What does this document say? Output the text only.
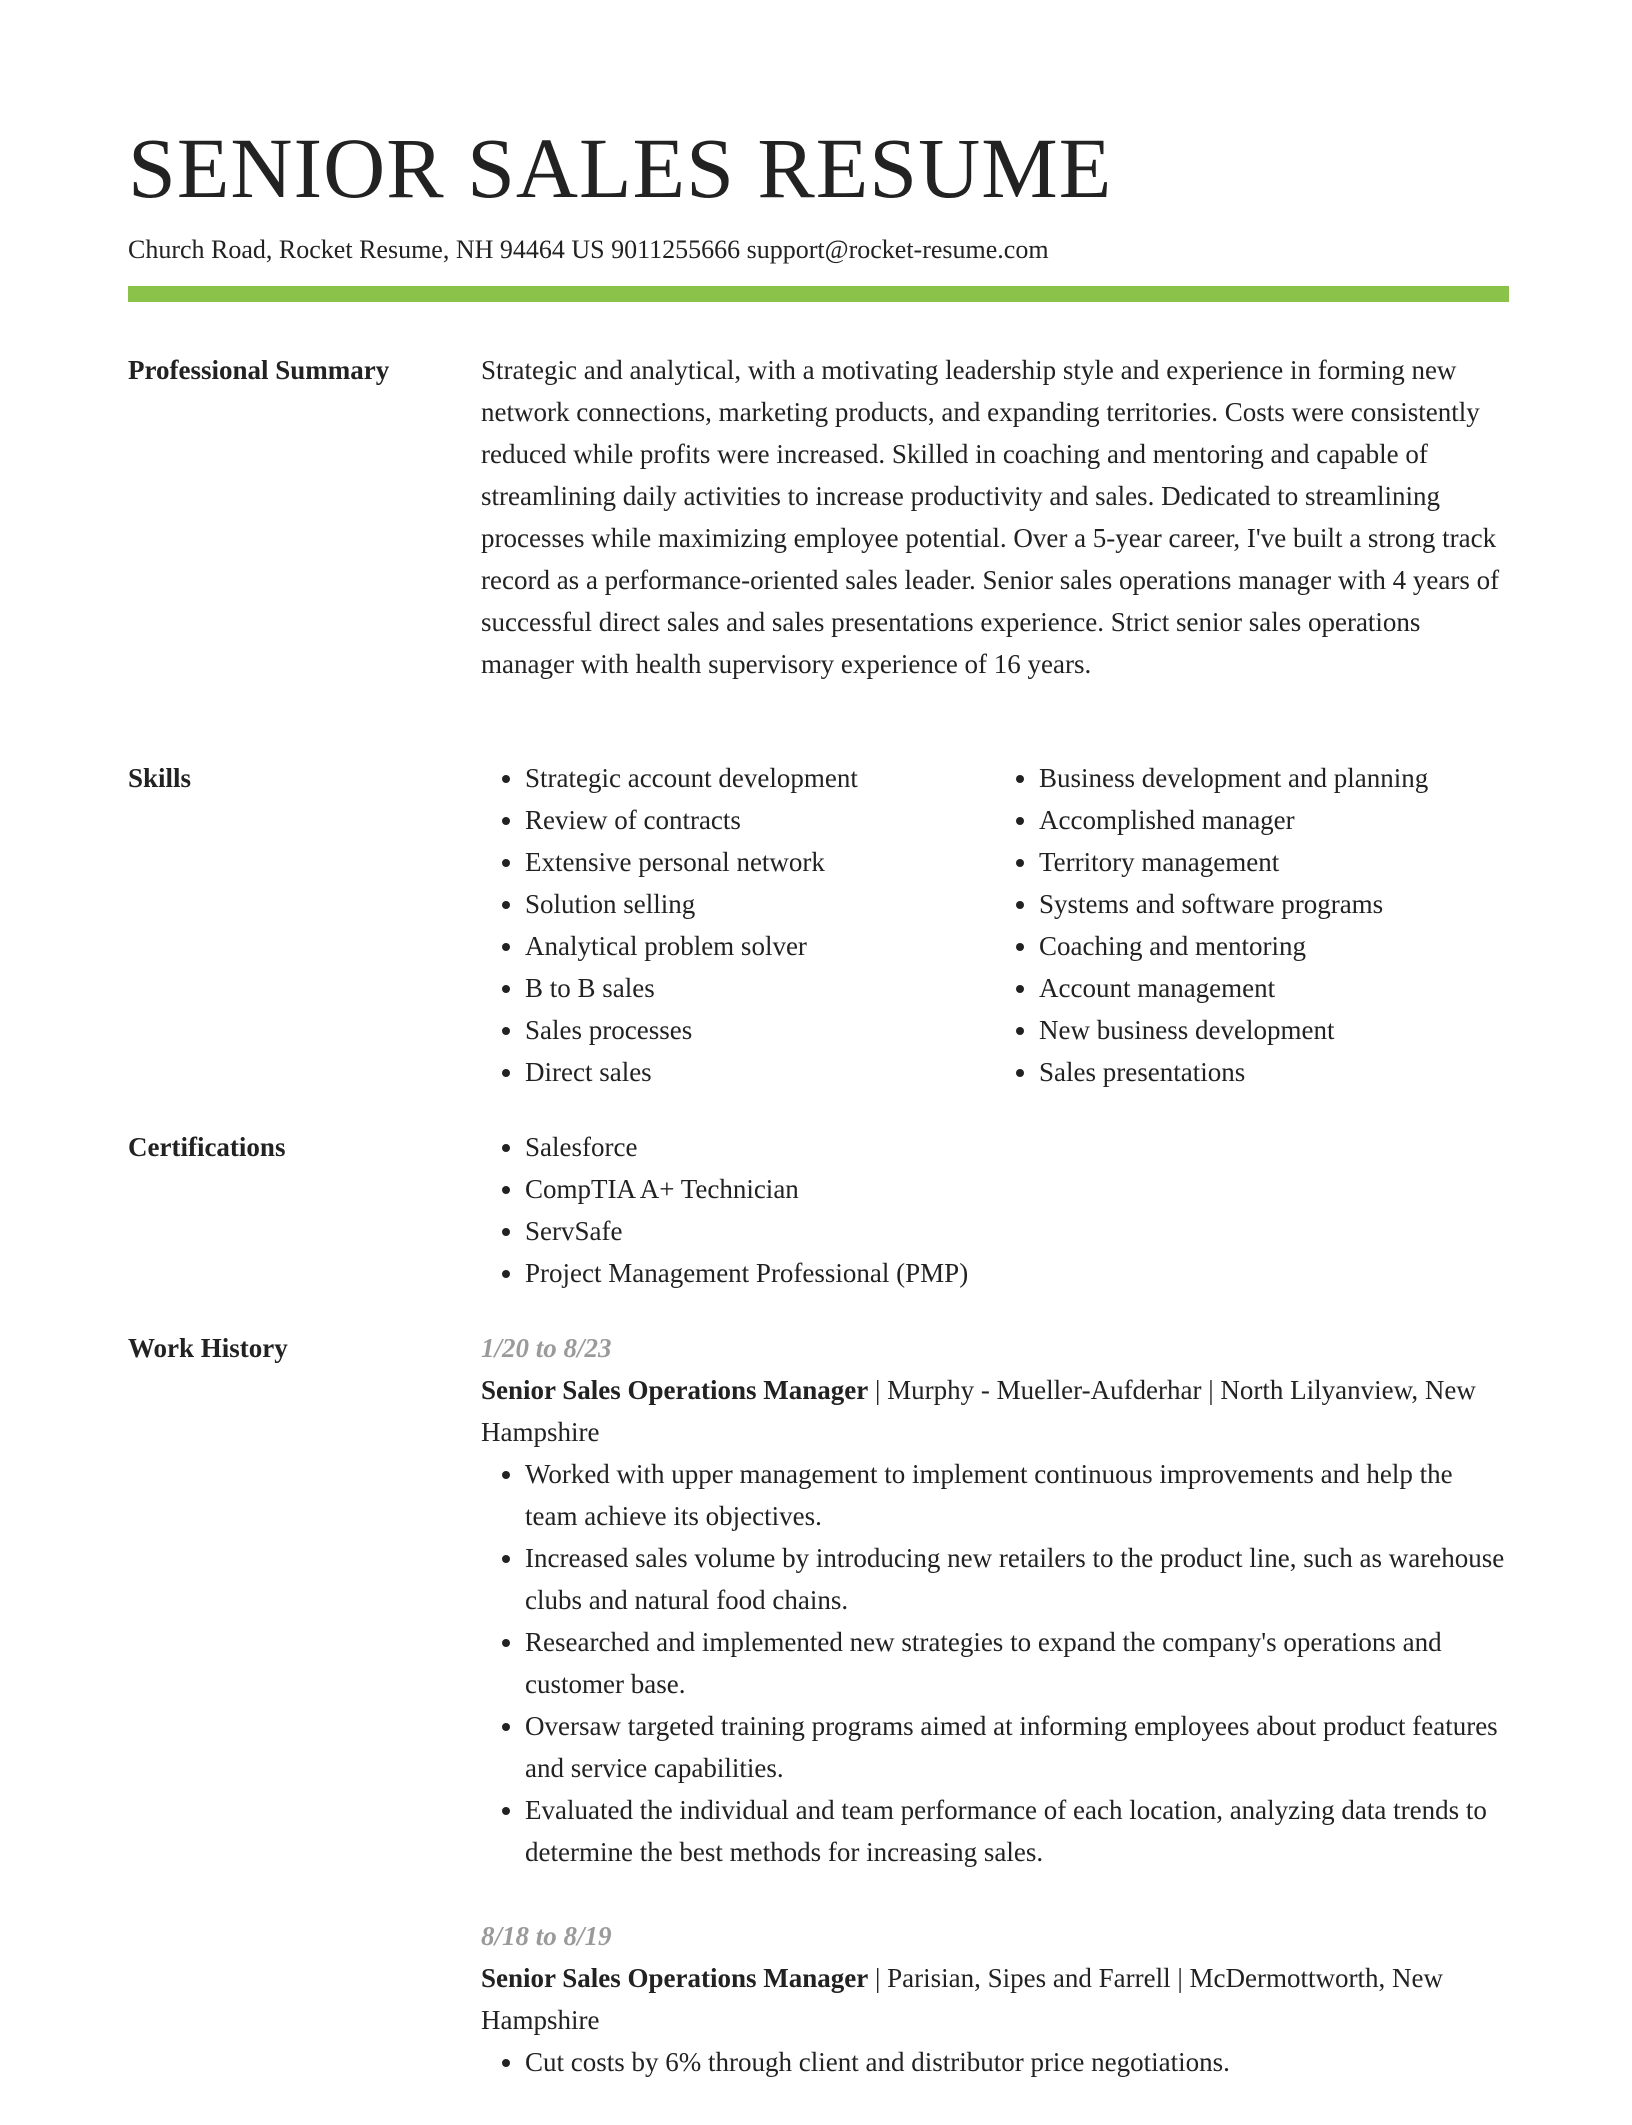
SENIOR SALES RESUME
Church Road, Rocket Resume, NH 94464 US 9011255666 support@rocket-resume.com
Professional Summary	Strategic and analytical, with a motivating leadership style and experience in forming new network connections, marketing products, and expanding territories. Costs were consistently reduced while profits were increased. Skilled in coaching and mentoring and capable of streamlining daily activities to increase productivity and sales. Dedicated to streamlining processes while maximizing employee potential. Over a 5-year career, I've built a strong track record as a performance-oriented sales leader. Senior sales operations manager with 4 years of successful direct sales and sales presentations experience. Strict senior sales operations manager with health supervisory experience of 16 years.

Skills	• Strategic account development
• Review of contracts
• Extensive personal network
• Solution selling
• Analytical problem solver
• B to B sales
• Sales processes
• Direct sales
• Business development and planning
• Accomplished manager
• Territory management
• Systems and software programs
• Coaching and mentoring
• Account management
• New business development
• Sales presentations
Certifications	• Salesforce
• CompTIA A+ Technician
• ServSafe
• Project Management Professional (PMP)
Work History	1/20 to 8/23

Senior Sales Operations Manager | Murphy - Mueller-Aufderhar | North Lilyanview, New Hampshire

• Worked with upper management to implement continuous improvements and help the team achieve its objectives.
• Increased sales volume by introducing new retailers to the product line, such as warehouse clubs and natural food chains.
• Researched and implemented new strategies to expand the company's operations and customer base.
• Oversaw targeted training programs aimed at informing employees about product features and service capabilities.
• Evaluated the individual and team performance of each location, analyzing data trends to determine the best methods for increasing sales.
8/18 to 8/19

Senior Sales Operations Manager | Parisian, Sipes and Farrell | McDermottworth, New Hampshire

• Cut costs by 6% through client and distributor price negotiations.
